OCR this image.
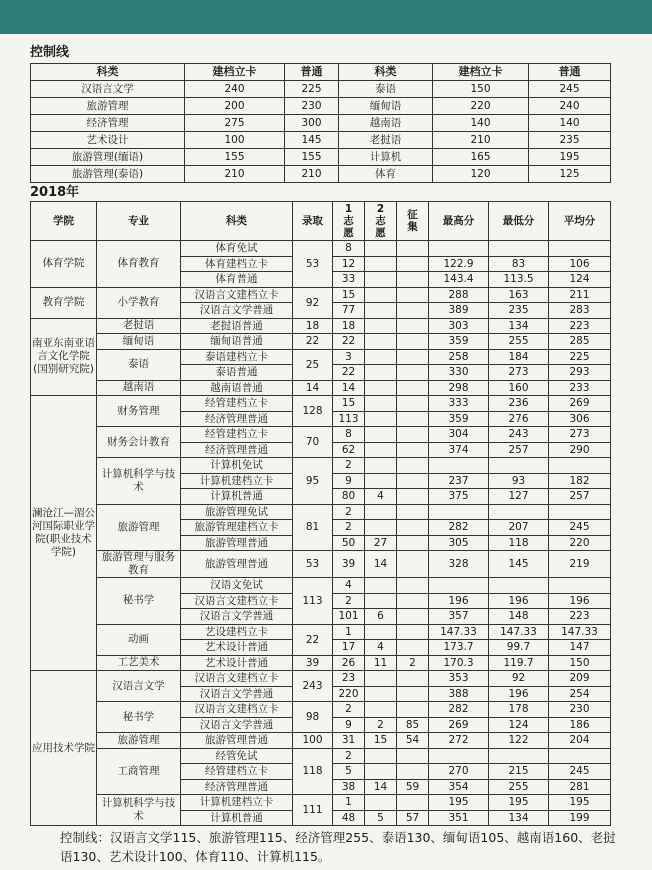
控制线
科类	建档立卡	普通	科类	建档立卡	普通
汉语言文学	240	225	泰语	150	245
旅游管理	200	230	缅甸语	220	240
经济管理	275	300	越南语	140	140
艺术设计	100	145	老挝语	210	235
旅游管理(缅语)	155	155	计算机	165	195
旅游管理(泰语)	210	210	体育	120	125
2018年
学院	专业	科类	录取	1志愿	2志愿	征集	最高分	最低分	平均分
体育学院	体育教育	体育免试	53	8					
		体育建档立卡		12			122.9	83	106
		体育普通		33			143.4	113.5	124
教育学院	小学教育	汉语言文建档立卡	92	15			288	163	211
		汉语言文学普通		77			389	235	283
南亚东南亚语言文化学院(国别研究院)	老挝语	老挝语普通	18	18			303	134	223
	缅甸语	缅甸语普通	22	22			359	255	285
	泰语	泰语建档立卡	25	3			258	184	225
		泰语普通		22			330	273	293
	越南语	越南语普通	14	14			298	160	233
澜沧江—湄公河国际职业学院(职业技术学院)	财务管理	经管建档立卡	128	15			333	236	269
		经济管理普通		113			359	276	306
	财务会计教育	经管建档立卡	70	8			304	243	273
		经济管理普通		62			374	257	290
	计算机科学与技术	计算机免试	95	2					
		计算机建档立卡		9			237	93	182
		计算机普通		80	4		375	127	257
	旅游管理	旅游管理免试	81	2					
		旅游管理建档立卡		2			282	207	245
		旅游管理普通		50	27		305	118	220
	旅游管理与服务教育	旅游管理普通	53	39	14		328	145	219
	秘书学	汉语文免试	113	4					
		汉语言文建档立卡		2			196	196	196
		汉语言文学普通		101	6		357	148	223
	动画	艺设建档立卡	22	1			147.33	147.33	147.33
		艺术设计普通		17	4		173.7	99.7	147
	工艺美术	艺术设计普通	39	26	11	2	170.3	119.7	150
应用技术学院	汉语言文学	汉语言文建档立卡	243	23			353	92	209
		汉语言文学普通		220			388	196	254
	秘书学	汉语言文建档立卡	98	2			282	178	230
		汉语言文学普通		9	2	85	269	124	186
	旅游管理	旅游管理普通	100	31	15	54	272	122	204
	工商管理	经管免试	118	2					
		经管建档立卡		5			270	215	245
		经济管理普通		38	14	59	354	255	281
	计算机科学与技术	计算机建档立卡	111	1			195	195	195
		计算机普通		48	5	57	351	134	199
控制线：汉语言文学115、旅游管理115、经济管理255、泰语130、缅甸语105、越南语160、老挝语130、艺术设计100、体育110、计算机115。
